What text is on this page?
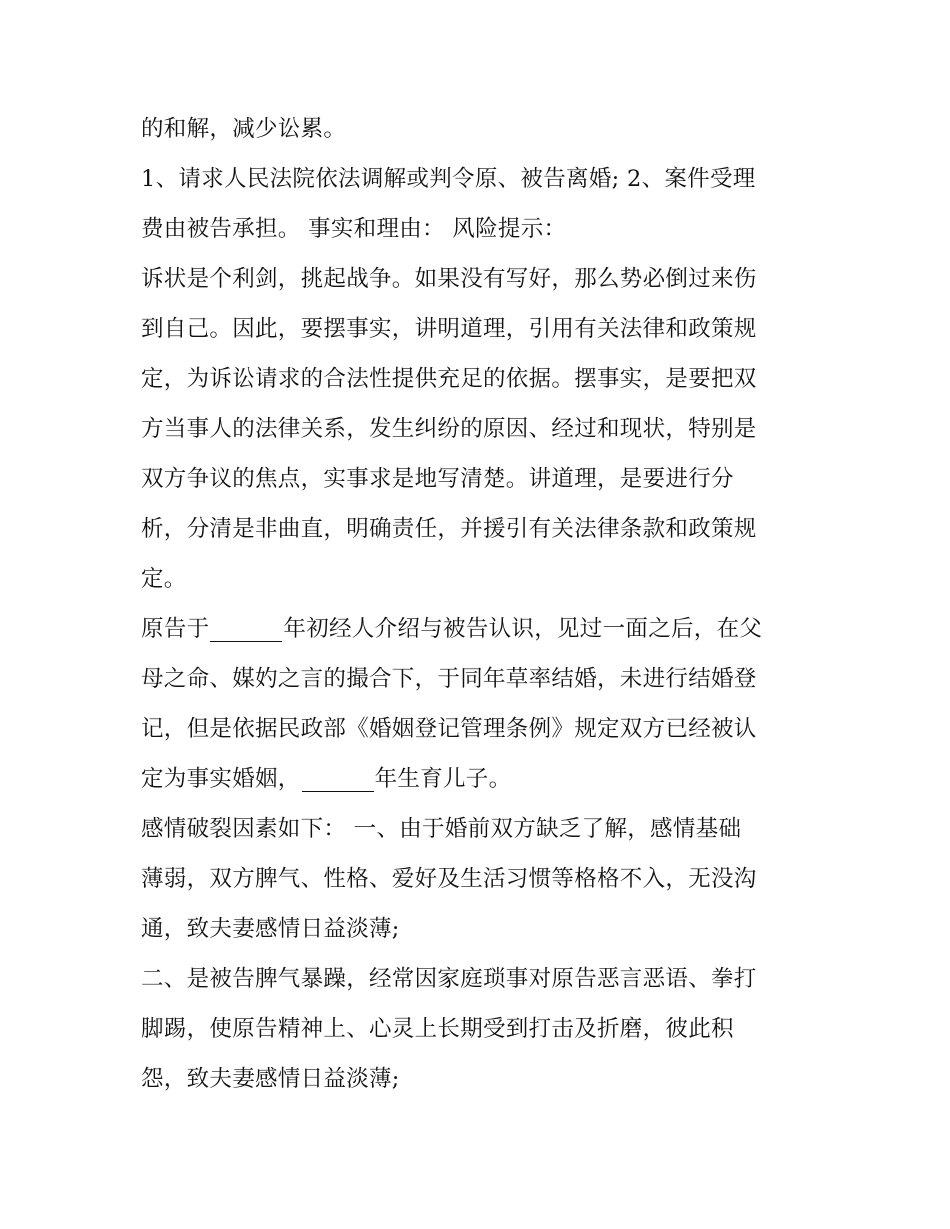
的和解，减少讼累。
1、请求人民法院依法调解或判令原、被告离婚; 2、案件受理
费由被告承担。 事实和理由： 风险提示：
诉状是个利剑，挑起战争。如果没有写好，那么势必倒过来伤
到自己。因此，要摆事实，讲明道理，引用有关法律和政策规
定，为诉讼请求的合法性提供充足的依据。摆事实，是要把双
方当事人的法律关系，发生纠纷的原因、经过和现状，特别是
双方争议的焦点，实事求是地写清楚。讲道理，是要进行分
析，分清是非曲直，明确责任，并援引有关法律条款和政策规
定。
原告于	年初经人介绍与被告认识，见过一面之后，在父
母之命、媒妁之言的撮合下，于同年草率结婚，未进行结婚登
记，但是依据民政部《婚姻登记管理条例》规定双方已经被认
定为事实婚姻，	年生育儿子。
感情破裂因素如下： 一、由于婚前双方缺乏了解，感情基础
薄弱，双方脾气、性格、爱好及生活习惯等格格不入，无没沟
通，致夫妻感情日益淡薄;
二、是被告脾气暴躁，经常因家庭琐事对原告恶言恶语、拳打
脚踢，使原告精神上、心灵上长期受到打击及折磨，彼此积
怨，致夫妻感情日益淡薄;
